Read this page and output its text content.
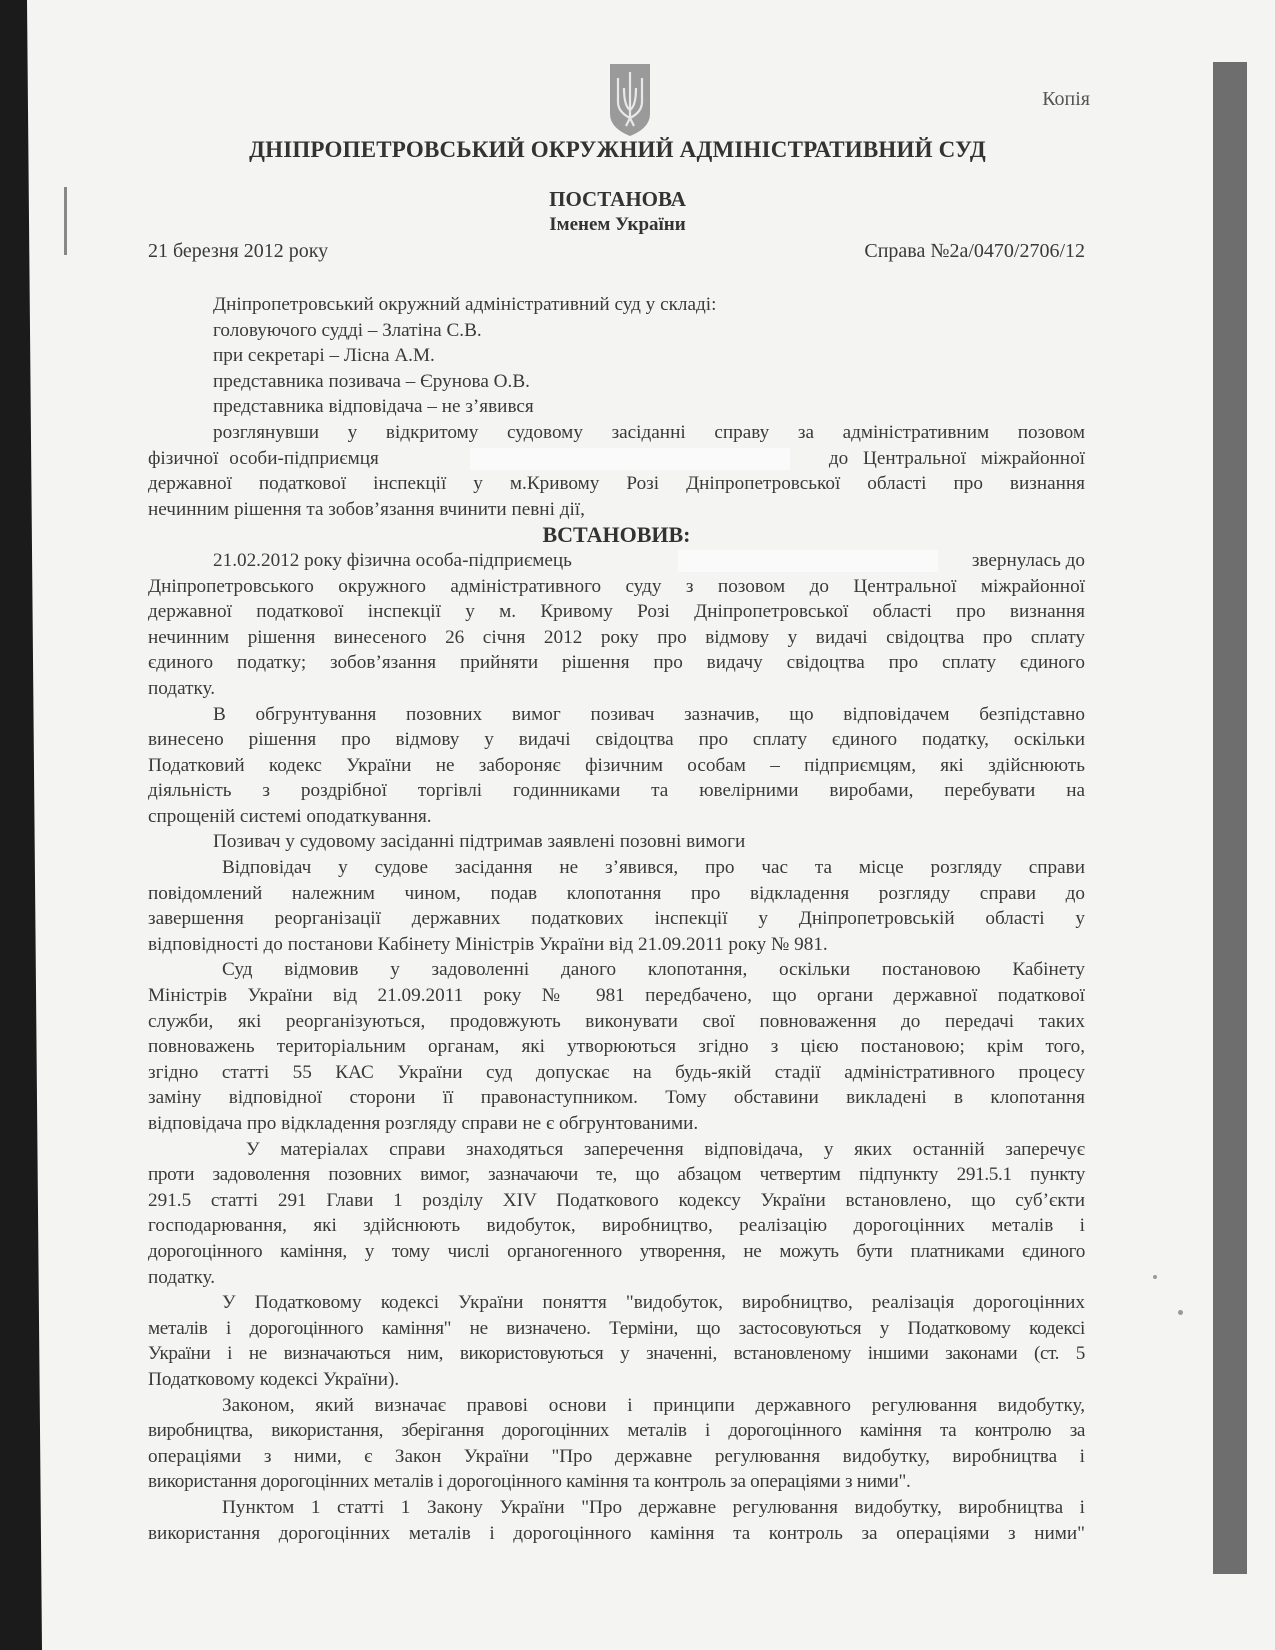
Копія
ДНІПРОПЕТРОВСЬКИЙ ОКРУЖНИЙ АДМІНІСТРАТИВНИЙ СУД
ПОСТАНОВА
Іменем України
21 березня 2012 року	Справа №2а/0470/2706/12
Дніпропетровський окружний адміністративний суд у складі:
головуючого судді – Златіна С.В.
при секретарі – Лісна А.М.
представника позивача – Єрунова О.В.
представника відповідача – не з’явився
розглянувши у відкритому судовому засіданні справу за адміністративним позовом
фізичної особи-підприємця	до Центральної міжрайонної
державної податкової інспекції у м.Кривому Розі Дніпропетровської області про визнання
нечинним рішення та зобов’язання вчинити певні дії,
ВСТАНОВИВ:
21.02.2012 року фізична особа-підприємець	звернулась до
Дніпропетровського окружного адміністративного суду з позовом до Центральної міжрайонної
державної податкової інспекції у м. Кривому Розі Дніпропетровської області про визнання
нечинним рішення винесеного 26 січня 2012 року про відмову у видачі свідоцтва про сплату
єдиного податку; зобов’язання прийняти рішення про видачу свідоцтва про сплату єдиного
податку.
В обгрунтування позовних вимог позивач зазначив, що відповідачем безпідставно
винесено рішення про відмову у видачі свідоцтва про сплату єдиного податку, оскільки
Податковий кодекс України не забороняє фізичним особам – підприємцям, які здійснюють
діяльність з роздрібної торгівлі годинниками та ювелірними виробами, перебувати на
спрощеній системі оподаткування.
Позивач у судовому засіданні підтримав заявлені позовні вимоги
Відповідач у судове засідання не з’явився, про час та місце розгляду справи
повідомлений належним чином, подав клопотання про відкладення розгляду справи до
завершення реорганізації державних податкових інспекції у Дніпропетровській області у
відповідності до постанови Кабінету Міністрів України від 21.09.2011 року № 981.
Суд відмовив у задоволенні даного клопотання, оскільки постановою Кабінету
Міністрів України від 21.09.2011 року № 981 передбачено, що органи державної податкової
служби, які реорганізуються, продовжують виконувати свої повноваження до передачі таких
повноважень територіальним органам, які утворюються згідно з цією постановою; крім того,
згідно статті 55 КАС України суд допускає на будь-якій стадії адміністративного процесу
заміну відповідної сторони її правонаступником. Тому обставини викладені в клопотання
відповідача про відкладення розгляду справи не є обгрунтованими.
У матеріалах справи знаходяться заперечення відповідача, у яких останній заперечує
проти задоволення позовних вимог, зазначаючи те, що абзацом четвертим підпункту 291.5.1 пункту
291.5 статті 291 Глави 1 розділу XIV Податкового кодексу України встановлено, що суб’єкти
господарювання, які здійснюють видобуток, виробництво, реалізацію дорогоцінних металів і
дорогоцінного каміння, у тому числі органогенного утворення, не можуть бути платниками єдиного
податку.
У Податковому кодексі України поняття "видобуток, виробництво, реалізація дорогоцінних
металів і дорогоцінного каміння" не визначено. Терміни, що застосовуються у Податковому кодексі
України і не визначаються ним, використовуються у значенні, встановленому іншими законами (ст. 5
Податковому кодексі України).
Законом, який визначає правові основи і принципи державного регулювання видобутку,
виробництва, використання, зберігання дорогоцінних металів і дорогоцінного каміння та контролю за
операціями з ними, є Закон України "Про державне регулювання видобутку, виробництва і
використання дорогоцінних металів і дорогоцінного каміння та контроль за операціями з ними".
Пунктом 1 статті 1 Закону України "Про державне регулювання видобутку, виробництва і
використання дорогоцінних металів і дорогоцінного каміння та контроль за операціями з ними"
